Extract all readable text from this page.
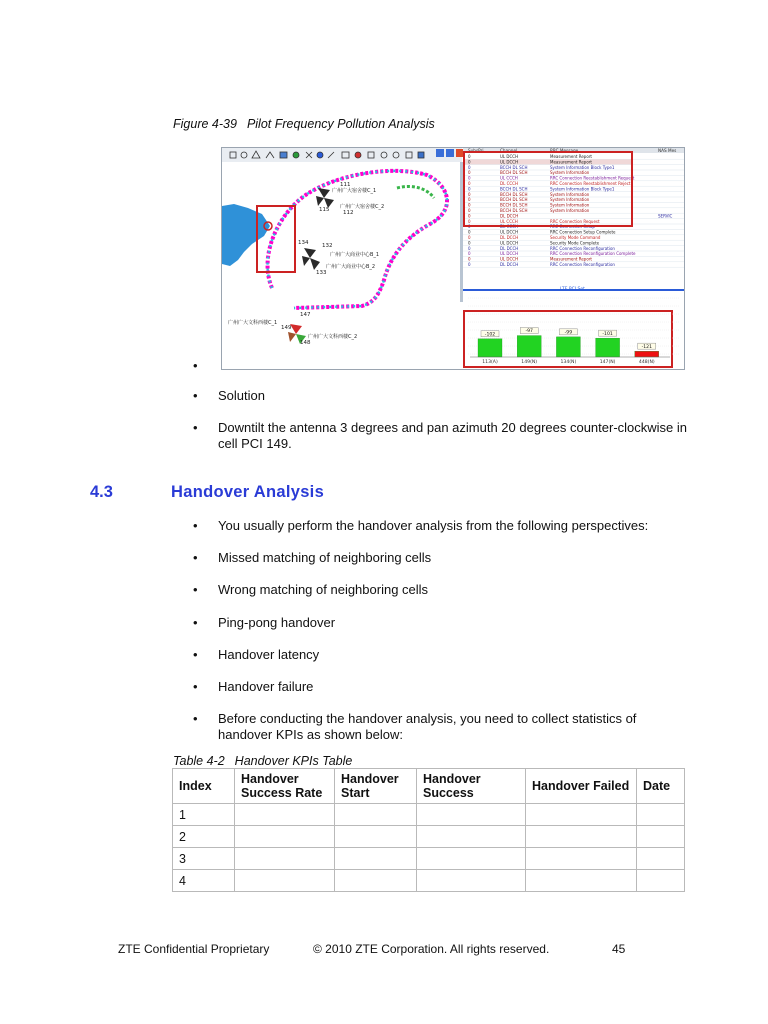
Figure 4-39 Pilot Frequency Pollution Analysis
111
115 112
134 132
133
149
147
148
广州广大宿舍楼C_1
广州广大宿舍楼C_2
广州广大商业中心B_1
广州广大商业中心B_2
广州广大文科西楼C_1
广州广大文科西楼C_2
SubsPri	Channel	RRC Message	NAS Mes
0	UL DCCH	Measurement Report
0	UL DCCH	Measurement Report
0	BCCH DL SCH	System Information Block Type1
0	BCCH DL SCH	System Information
0	UL CCCH	RRC Connection Reestablishment Request
0	DL CCCH	RRC Connection Reestablishment Reject
0	BCCH DL SCH	System Information Block Type1
0	BCCH DL SCH	System Information
0	BCCH DL SCH	System Information
0	BCCH DL SCH	System Information
0	BCCH DL SCH	System Information
0	DL DCCH
0	UL CCCH	RRC Connection Request
0	DL CCCH	RRC Connection Setup
0	UL DCCH	RRC Connection Setup Complete
0	DL DCCH	Security Mode Command
0	UL DCCH	Security Mode Complete
0	DL DCCH	RRC Connection Reconfiguration
0	UL DCCH	RRC Connection Reconfiguration Complete
0	UL DCCH	Measurement Report
0	DL DCCH	RRC Connection Reconfiguration
SERVIC
LTE PCI Set
-102
113(A)
-97
149(N)
-99
134(N)
-101
147(N)
-121
448(N)
•
• Solution
• Downtilt the antenna 3 degrees and pan azimuth 20 degrees counter-clockwise in cell PCI 149.
4.3	Handover Analysis
• You usually perform the handover analysis from the following perspectives:
• Missed matching of neighboring cells
• Wrong matching of neighboring cells
• Ping-pong handover
• Handover latency
• Handover failure
• Before conducting the handover analysis, you need to collect statistics of handover KPIs as shown below:
Table 4-2 Handover KPIs Table
Index	Handover Success Rate	Handover Start	Handover Success	Handover Failed	Date
1					
2					
3					
4					
ZTE Confidential Proprietary	© 2010 ZTE Corporation. All rights reserved.	45
